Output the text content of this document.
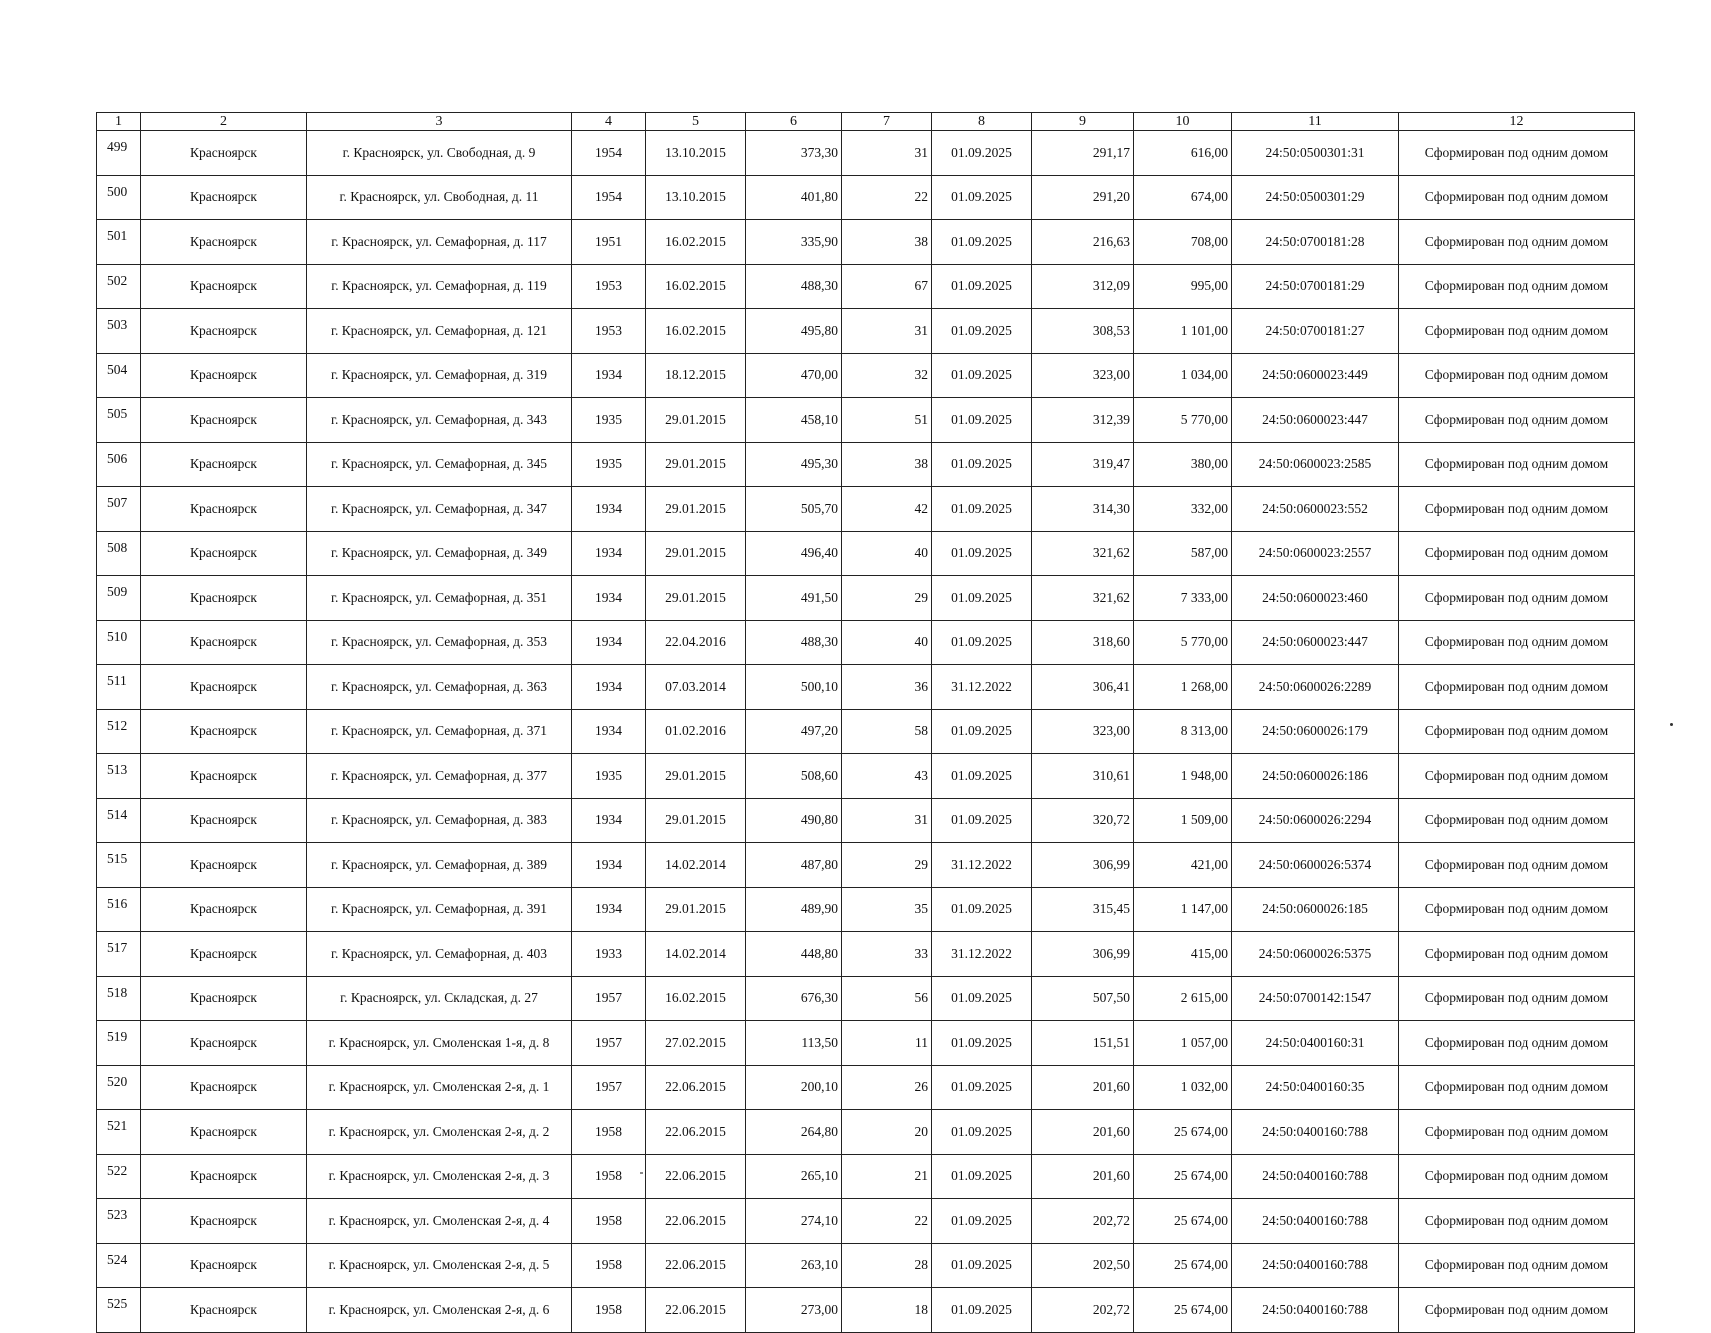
1	2	3	4	5	6	7	8	9	10	11	12
499	Красноярск	г. Красноярск, ул. Свободная, д. 9	1954	13.10.2015	373,30	31	01.09.2025	291,17	616,00	24:50:0500301:31	Сформирован под одним домом
500	Красноярск	г. Красноярск, ул. Свободная, д. 11	1954	13.10.2015	401,80	22	01.09.2025	291,20	674,00	24:50:0500301:29	Сформирован под одним домом
501	Красноярск	г. Красноярск, ул. Семафорная, д. 117	1951	16.02.2015	335,90	38	01.09.2025	216,63	708,00	24:50:0700181:28	Сформирован под одним домом
502	Красноярск	г. Красноярск, ул. Семафорная, д. 119	1953	16.02.2015	488,30	67	01.09.2025	312,09	995,00	24:50:0700181:29	Сформирован под одним домом
503	Красноярск	г. Красноярск, ул. Семафорная, д. 121	1953	16.02.2015	495,80	31	01.09.2025	308,53	1 101,00	24:50:0700181:27	Сформирован под одним домом
504	Красноярск	г. Красноярск, ул. Семафорная, д. 319	1934	18.12.2015	470,00	32	01.09.2025	323,00	1 034,00	24:50:0600023:449	Сформирован под одним домом
505	Красноярск	г. Красноярск, ул. Семафорная, д. 343	1935	29.01.2015	458,10	51	01.09.2025	312,39	5 770,00	24:50:0600023:447	Сформирован под одним домом
506	Красноярск	г. Красноярск, ул. Семафорная, д. 345	1935	29.01.2015	495,30	38	01.09.2025	319,47	380,00	24:50:0600023:2585	Сформирован под одним домом
507	Красноярск	г. Красноярск, ул. Семафорная, д. 347	1934	29.01.2015	505,70	42	01.09.2025	314,30	332,00	24:50:0600023:552	Сформирован под одним домом
508	Красноярск	г. Красноярск, ул. Семафорная, д. 349	1934	29.01.2015	496,40	40	01.09.2025	321,62	587,00	24:50:0600023:2557	Сформирован под одним домом
509	Красноярск	г. Красноярск, ул. Семафорная, д. 351	1934	29.01.2015	491,50	29	01.09.2025	321,62	7 333,00	24:50:0600023:460	Сформирован под одним домом
510	Красноярск	г. Красноярск, ул. Семафорная, д. 353	1934	22.04.2016	488,30	40	01.09.2025	318,60	5 770,00	24:50:0600023:447	Сформирован под одним домом
511	Красноярск	г. Красноярск, ул. Семафорная, д. 363	1934	07.03.2014	500,10	36	31.12.2022	306,41	1 268,00	24:50:0600026:2289	Сформирован под одним домом
512	Красноярск	г. Красноярск, ул. Семафорная, д. 371	1934	01.02.2016	497,20	58	01.09.2025	323,00	8 313,00	24:50:0600026:179	Сформирован под одним домом
513	Красноярск	г. Красноярск, ул. Семафорная, д. 377	1935	29.01.2015	508,60	43	01.09.2025	310,61	1 948,00	24:50:0600026:186	Сформирован под одним домом
514	Красноярск	г. Красноярск, ул. Семафорная, д. 383	1934	29.01.2015	490,80	31	01.09.2025	320,72	1 509,00	24:50:0600026:2294	Сформирован под одним домом
515	Красноярск	г. Красноярск, ул. Семафорная, д. 389	1934	14.02.2014	487,80	29	31.12.2022	306,99	421,00	24:50:0600026:5374	Сформирован под одним домом
516	Красноярск	г. Красноярск, ул. Семафорная, д. 391	1934	29.01.2015	489,90	35	01.09.2025	315,45	1 147,00	24:50:0600026:185	Сформирован под одним домом
517	Красноярск	г. Красноярск, ул. Семафорная, д. 403	1933	14.02.2014	448,80	33	31.12.2022	306,99	415,00	24:50:0600026:5375	Сформирован под одним домом
518	Красноярск	г. Красноярск, ул. Складская, д. 27	1957	16.02.2015	676,30	56	01.09.2025	507,50	2 615,00	24:50:0700142:1547	Сформирован под одним домом
519	Красноярск	г. Красноярск, ул. Смоленская 1-я, д. 8	1957	27.02.2015	113,50	11	01.09.2025	151,51	1 057,00	24:50:0400160:31	Сформирован под одним домом
520	Красноярск	г. Красноярск, ул. Смоленская 2-я, д. 1	1957	22.06.2015	200,10	26	01.09.2025	201,60	1 032,00	24:50:0400160:35	Сформирован под одним домом
521	Красноярск	г. Красноярск, ул. Смоленская 2-я, д. 2	1958	22.06.2015	264,80	20	01.09.2025	201,60	25 674,00	24:50:0400160:788	Сформирован под одним домом
522	Красноярск	г. Красноярск, ул. Смоленская 2-я, д. 3	1958	22.06.2015	265,10	21	01.09.2025	201,60	25 674,00	24:50:0400160:788	Сформирован под одним домом
523	Красноярск	г. Красноярск, ул. Смоленская 2-я, д. 4	1958	22.06.2015	274,10	22	01.09.2025	202,72	25 674,00	24:50:0400160:788	Сформирован под одним домом
524	Красноярск	г. Красноярск, ул. Смоленская 2-я, д. 5	1958	22.06.2015	263,10	28	01.09.2025	202,50	25 674,00	24:50:0400160:788	Сформирован под одним домом
525	Красноярск	г. Красноярск, ул. Смоленская 2-я, д. 6	1958	22.06.2015	273,00	18	01.09.2025	202,72	25 674,00	24:50:0400160:788	Сформирован под одним домом
